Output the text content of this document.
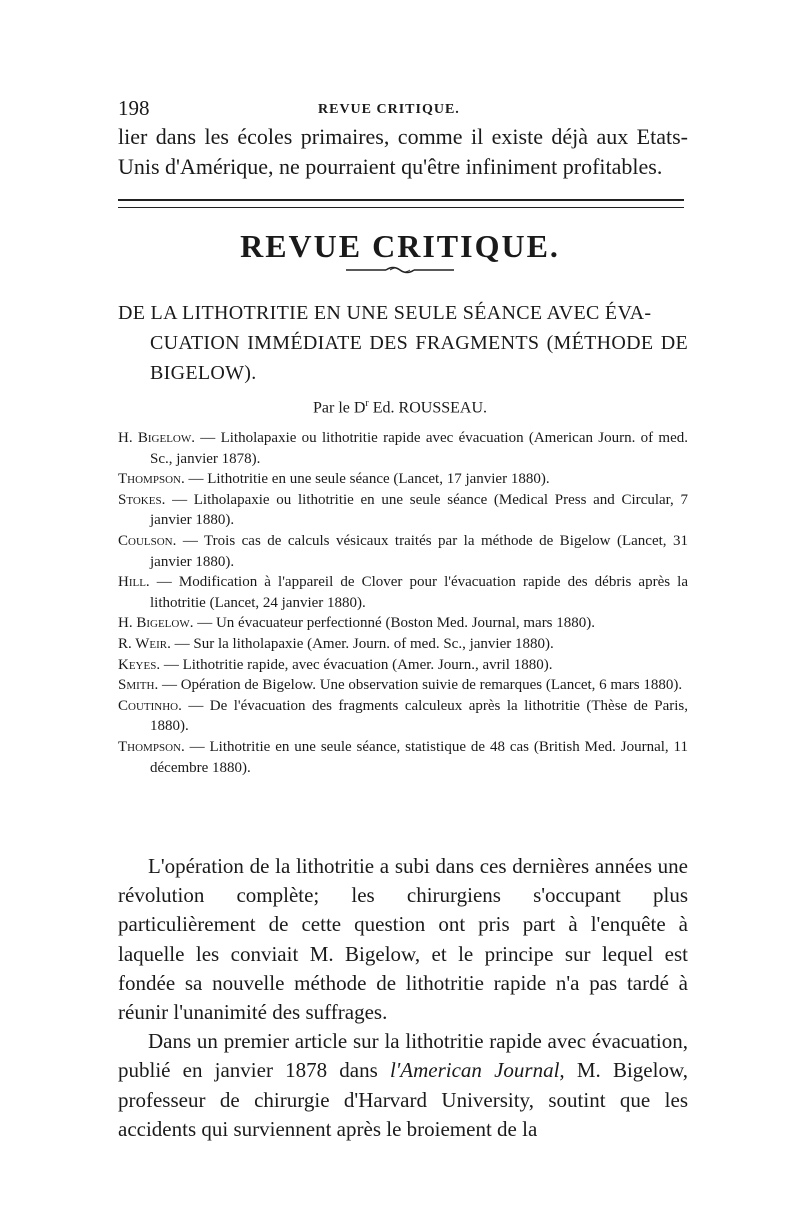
198	REVUE CRITIQUE.
lier dans les écoles primaires, comme il existe déjà aux Etats-Unis d'Amérique, ne pourraient qu'être infiniment profitables.
REVUE CRITIQUE.
DE LA LITHOTRITIE EN UNE SEULE SÉANCE AVEC ÉVA-
CUATION IMMÉDIATE DES FRAGMENTS (MÉTHODE DE BIGELOW).
Par le $D^r$ Ed. ROUSSEAU.
H. Bigelow. — Litholapaxie ou lithotritie rapide avec évacuation (American Journ. of med. Sc., janvier 1878).
Thompson. — Lithotritie en une seule séance (Lancet, 17 janvier 1880).
Stokes. — Litholapaxie ou lithotritie en une seule séance (Medical Press and Circular, 7 janvier 1880).
Coulson. — Trois cas de calculs vésicaux traités par la méthode de Bigelow (Lancet, 31 janvier 1880).
Hill. — Modification à l'appareil de Clover pour l'évacuation rapide des débris après la lithotritie (Lancet, 24 janvier 1880).
H. Bigelow. — Un évacuateur perfectionné (Boston Med. Journal, mars 1880).
R. Weir. — Sur la litholapaxie (Amer. Journ. of med. Sc., janvier 1880).
Keyes. — Lithotritie rapide, avec évacuation (Amer. Journ., avril 1880).
Smith. — Opération de Bigelow. Une observation suivie de remarques (Lancet, 6 mars 1880).
Coutinho. — De l'évacuation des fragments calculeux après la lithotritie (Thèse de Paris, 1880).
Thompson. — Lithotritie en une seule séance, statistique de 48 cas (British Med. Journal, 11 décembre 1880).

L'opération de la lithotritie a subi dans ces dernières années une révolution complète; les chirurgiens s'occupant plus particulièrement de cette question ont pris part à l'enquête à laquelle les conviait M. Bigelow, et le principe sur lequel est fondée sa nouvelle méthode de lithotritie rapide n'a pas tardé à réunir l'unanimité des suffrages.

Dans un premier article sur la lithotritie rapide avec évacuation, publié en janvier 1878 dans l'American Journal, M. Bigelow, professeur de chirurgie d'Harvard University, soutint que les accidents qui surviennent après le broiement de la
